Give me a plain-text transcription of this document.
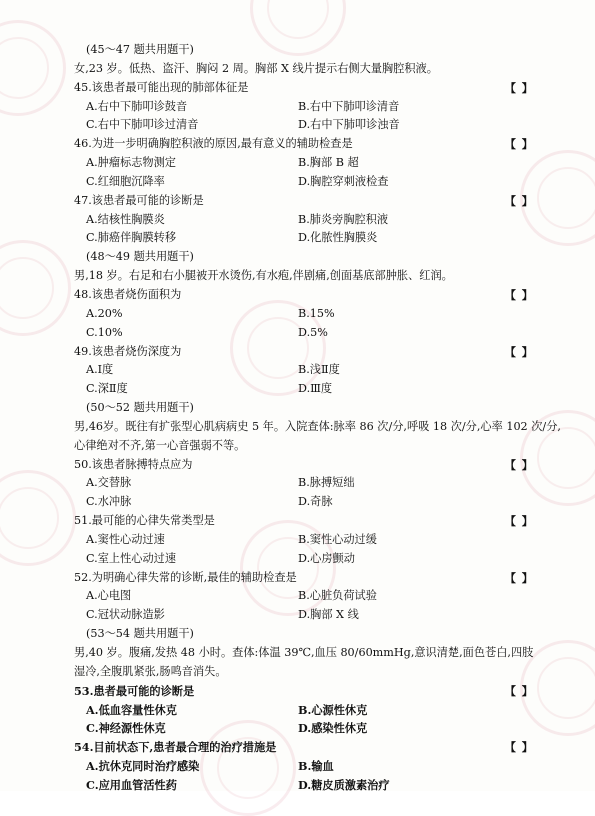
(45～47 题共用题干)
女,23 岁。低热、盗汗、胸闷 2 周。胸部 X 线片提示右侧大量胸腔积液。
45.该患者最可能出现的肺部体征是	【 】
A.右中下肺叩诊鼓音	B.右中下肺叩诊清音
C.右中下肺叩诊过清音	D.右中下肺叩诊浊音
46.为进一步明确胸腔积液的原因,最有意义的辅助检查是	【 】
A.肿瘤标志物测定	B.胸部 B 超
C.红细胞沉降率	D.胸腔穿刺液检查
47.该患者最可能的诊断是	【 】
A.结核性胸膜炎	B.肺炎旁胸腔积液
C.肺癌伴胸膜转移	D.化脓性胸膜炎
(48～49 题共用题干)
男,18 岁。右足和右小腿被开水烫伤,有水疱,伴剧痛,创面基底部肿胀、红润。
48.该患者烧伤面积为	【 】
A.20%	B.15%
C.10%	D.5%
49.该患者烧伤深度为	【 】
A.Ⅰ度	B.浅Ⅱ度
C.深Ⅱ度	D.Ⅲ度
(50～52 题共用题干)
男,46岁。既往有扩张型心肌病病史 5 年。入院查体:脉率 86 次/分,呼吸 18 次/分,心率 102 次/分,
心律绝对不齐,第一心音强弱不等。
50.该患者脉搏特点应为	【 】
A.交替脉	B.脉搏短绌
C.水冲脉	D.奇脉
51.最可能的心律失常类型是	【 】
A.窦性心动过速	B.窦性心动过缓
C.室上性心动过速	D.心房颤动
52.为明确心律失常的诊断,最佳的辅助检查是	【 】
A.心电图	B.心脏负荷试验
C.冠状动脉造影	D.胸部 X 线
(53～54 题共用题干)
男,40 岁。腹痛,发热 48 小时。查体:体温 39℃,血压 80/60mmHg,意识清楚,面色苍白,四肢
湿冷,全腹肌紧张,肠鸣音消失。
53.患者最可能的诊断是	【 】
A.低血容量性休克	B.心源性休克
C.神经源性休克	D.感染性休克
54.目前状态下,患者最合理的治疗措施是	【 】
A.抗休克同时治疗感染	B.输血
C.应用血管活性药	D.糖皮质激素治疗
